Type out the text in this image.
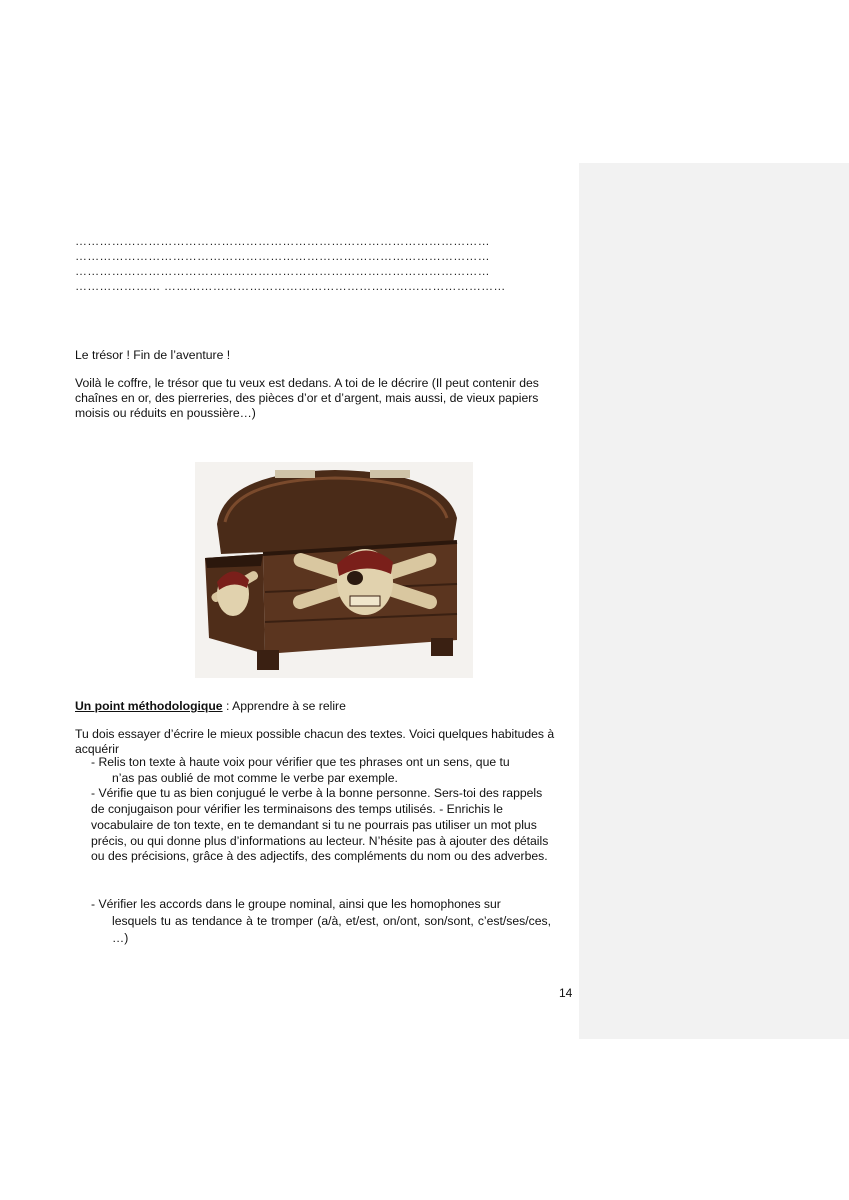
…………………………………………………………………………………………
…………………………………………………………………………………………
…………………………………………………………………………………………
………………… …………………………………………………………………………
Le trésor ! Fin de l’aventure !
Voilà le coffre, le trésor que tu veux est dedans. A toi de le décrire (Il peut contenir des chaînes en or, des pierreries, des pièces d’or et d’argent, mais aussi, de vieux papiers moisis ou réduits en poussière…)
Un point méthodologique : Apprendre à se relire
Tu dois essayer d’écrire le mieux possible chacun des textes. Voici quelques habitudes à acquérir
- Relis ton texte à haute voix pour vérifier que tes phrases ont un sens, que tu
n’as pas oublié de mot comme le verbe par exemple.
- Vérifie que tu as bien conjugué le verbe à la bonne personne. Sers-toi des rappels de conjugaison pour vérifier les terminaisons des temps utilisés. - Enrichis le vocabulaire de ton texte, en te demandant si tu ne pourrais pas utiliser un mot plus précis, ou qui donne plus d’informations au lecteur. N’hésite pas à ajouter des détails ou des précisions, grâce à des adjectifs, des compléments du nom ou des adverbes.
- Vérifier les accords dans le groupe nominal, ainsi que les homophones sur
lesquels tu as tendance à te tromper (a/à, et/est, on/ont, son/sont, c’est/ses/ces, …)
14
